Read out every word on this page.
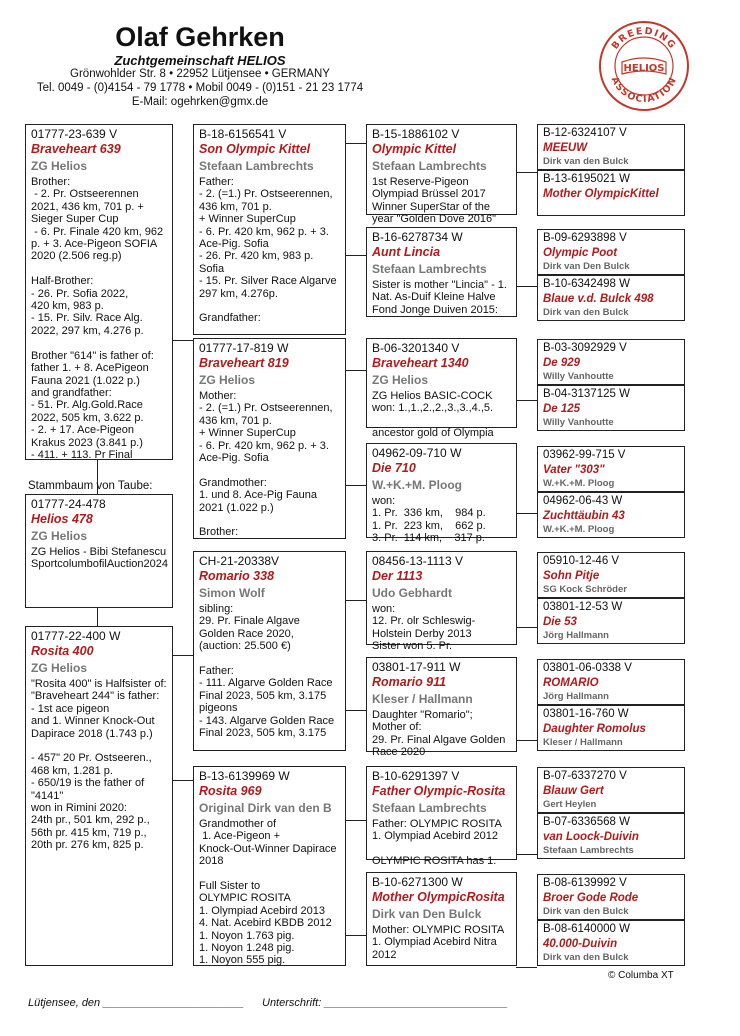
Olaf Gehrken
Zuchtgemeinschaft HELIOS
Grönwohlder Str. 8 • 22952 Lütjensee • GERMANY
Tel. 0049 - (0)4154 - 79 1778 • Mobil 0049 - (0)151 - 21 23 1774
E-Mail: ogehrken@gmx.de
BREEDING
ASSOCIATION
HELIOS
01777-23-639 V
Braveheart 639
ZG Helios
Brother:
- 2. Pr. Ostseerennen
2021, 436 km, 701 p. +
Sieger Super Cup
- 6. Pr. Finale 420 km, 962
p. + 3. Ace-Pigeon SOFIA
2020 (2.506 reg.p)

Half-Brother:
- 26. Pr. Sofia 2022,
420 km, 983 p.
- 15. Pr. Silv. Race Alg.
2022, 297 km, 4.276 p.

Brother "614" is father of:
father 1. + 8. AcePigeon
Fauna 2021 (1.022 p.)
and grandfather:
- 51. Pr. Alg.Gold.Race
2022, 505 km, 3.622 p.
- 2. + 17. Ace-Pigeon
Krakus 2023 (3.841 p.)
- 411. + 113. Pr Final
Stammbaum von Taube:
01777-24-478
Helios 478
ZG Helios
ZG Helios - Bibi Stefanescu
SportcolumbofilAuction2024
01777-22-400 W
Rosita 400
ZG Helios
"Rosita 400" is Halfsister of:
"Braveheart 244" is father:
- 1st ace pigeon
and 1. Winner Knock-Out
Dapirace 2018 (1.743 p.)

- 457" 20 Pr. Ostseeren.,
468 km, 1.281 p.
- 650/19 is the father of
"4141"
won in Rimini 2020:
24th pr., 501 km, 292 p.,
56th pr. 415 km, 719 p.,
20th pr. 276 km, 825 p.
B-18-6156541 V
Son Olympic Kittel
Stefaan Lambrechts
Father:
- 2. (=1.) Pr. Ostseerennen,
436 km, 701 p.
+ Winner SuperCup
- 6. Pr. 420 km, 962 p. + 3.
Ace-Pig. Sofia
- 26. Pr. 420 km, 983 p.
Sofia
- 15. Pr. Silver Race Algarve
297 km, 4.276p.

Grandfather:
01777-17-819 W
Braveheart 819
ZG Helios
Mother:
- 2. (=1.) Pr. Ostseerennen,
436 km, 701 p.
+ Winner SuperCup
- 6. Pr. 420 km, 962 p. + 3.
Ace-Pig. Sofia

Grandmother:
1. und 8. Ace-Pig Fauna
2021 (1.022 p.)

Brother:
CH-21-20338V
Romario 338
Simon Wolf
sibling:
29. Pr. Finale Algave
Golden Race 2020,
(auction: 25.500 €)

Father:
- 111. Algarve Golden Race
Final 2023, 505 km, 3.175
pigeons
- 143. Algarve Golden Race
Final 2023, 505 km, 3.175
B-13-6139969 W
Rosita 969
Original Dirk van den B
Grandmother of
1. Ace-Pigeon +
Knock-Out-Winner Dapirace
2018

Full Sister to
OLYMPIC ROSITA
1. Olympiad Acebird 2013
4. Nat. Acebird KBDB 2012
1. Noyon 1.763 pig.
1. Noyon 1.248 pig.
1. Noyon 555 pig.
B-15-1886102 V
Olympic Kittel
Stefaan Lambrechts
1st Reserve-Pigeon
Olympiad Brüssel 2017
Winner SuperStar of the
year "Golden Dove 2016"
B-16-6278734 W
Aunt Lincia
Stefaan Lambrechts
Sister is mother "Lincia" - 1.
Nat. As-Duif Kleine Halve
Fond Jonge Duiven 2015:
B-06-3201340 V
Braveheart 1340
ZG Helios
ZG Helios BASIC-COCK
won: 1.,1.,2.,2.,3.,3.,4.,5.

ancestor gold of Olympia
04962-09-710 W
Die 710
W.+K.+M. Ploog
won:
1. Pr.  336 km,    984 p.
1. Pr.  223 km,    662 p.
3. Pr.  114 km,    317 p.
08456-13-1113 V
Der 1113
Udo Gebhardt
won:
12. Pr. olr Schleswig-
Holstein Derby 2013
Sister won 5. Pr.
03801-17-911 W
Romario 911
Kleser / Hallmann
Daughter "Romario";
Mother of:
29. Pr. Final Algave Golden
Race 2020
B-10-6291397 V
Father Olympic-Rosita
Stefaan Lambrechts
Father: OLYMPIC ROSITA
1. Olympiad Acebird 2012

OLYMPIC ROSITA has 1.
B-10-6271300 W
Mother OlympicRosita
Dirk van Den Bulck
Mother: OLYMPIC ROSITA
1. Olympiad Acebird Nitra
2012
B-12-6324107 V
MEEUW
Dirk van den Bulck
B-13-6195021 W
Mother OlympicKittel
B-09-6293898 V
Olympic Poot
Dirk van Den Bulck
B-10-6342498 W
Blaue v.d. Bulck 498
Dirk van den Bulck
B-03-3092929 V
De 929
Willy Vanhoutte
B-04-3137125 W
De 125
Willy Vanhoutte
03962-99-715 V
Vater "303"
W.+K.+M. Ploog
04962-06-43 W
Zuchttäubin 43
W.+K.+M. Ploog
05910-12-46 V
Sohn Pitje
SG Kock Schröder
03801-12-53 W
Die 53
Jörg Hallmann
03801-06-0338 V
ROMARIO
Jörg Hallmann
03801-16-760 W
Daughter Romolus
Kleser / Hallmann
B-07-6337270 V
Blauw Gert
Gert Heylen
B-07-6336568 W
van Loock-Duivin
Stefaan Lambrechts
B-08-6139992 V
Broer Gode Rode
Dirk van den Bulck
B-08-6140000 W
40.000-Duivin
Dirk van den Bulck
© Columba XT
Lütjensee, den _______________________ Unterschrift: ______________________________
